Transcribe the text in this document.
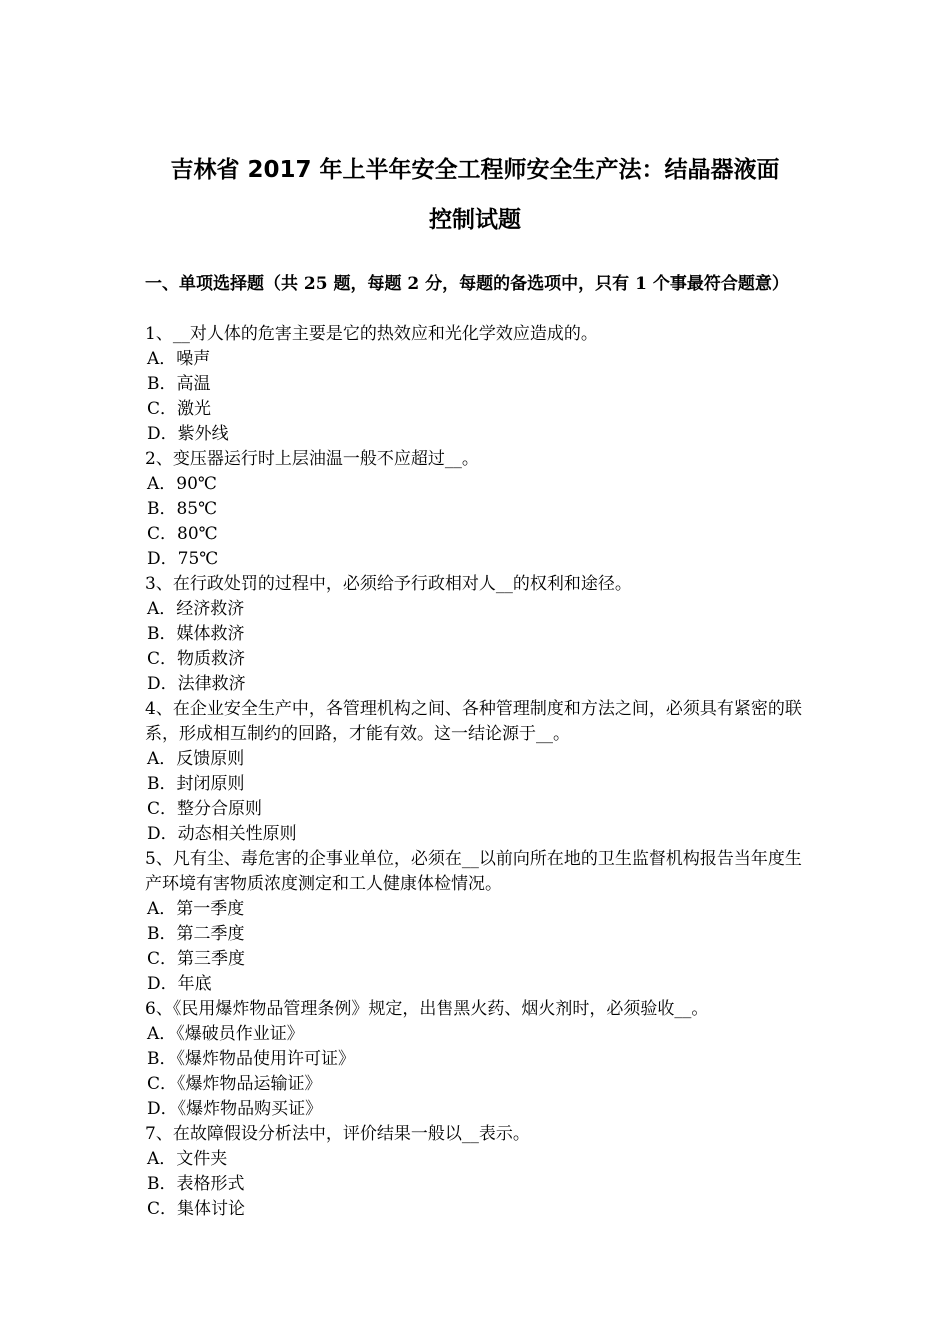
吉林省 2017 年上半年安全工程师安全生产法：结晶器液面
控制试题
一、单项选择题（共 25 题，每题 2 分，每题的备选项中，只有 1 个事最符合题意）

1、__对人体的危害主要是它的热效应和光化学效应造成的。

A．噪声

B．高温

C．激光

D．紫外线

2、变压器运行时上层油温一般不应超过__。

A．90℃

B．85℃

C．80℃

D．75℃

3、在行政处罚的过程中，必须给予行政相对人__的权利和途径。

A．经济救济

B．媒体救济

C．物质救济

D．法律救济

4、在企业安全生产中，各管理机构之间、各种管理制度和方法之间，必须具有紧密的联系，形成相互制约的回路，才能有效。这一结论源于__。

A．反馈原则

B．封闭原则

C．整分合原则

D．动态相关性原则

5、凡有尘、毒危害的企事业单位，必须在__以前向所在地的卫生监督机构报告当年度生产环境有害物质浓度测定和工人健康体检情况。

A．第一季度

B．第二季度

C．第三季度

D．年底

6、《民用爆炸物品管理条例》规定，出售黑火药、烟火剂时，必须验收__。

A．《爆破员作业证》

B．《爆炸物品使用许可证》

C．《爆炸物品运输证》

D．《爆炸物品购买证》

7、在故障假设分析法中，评价结果一般以__表示。

A．文件夹

B．表格形式

C．集体讨论
